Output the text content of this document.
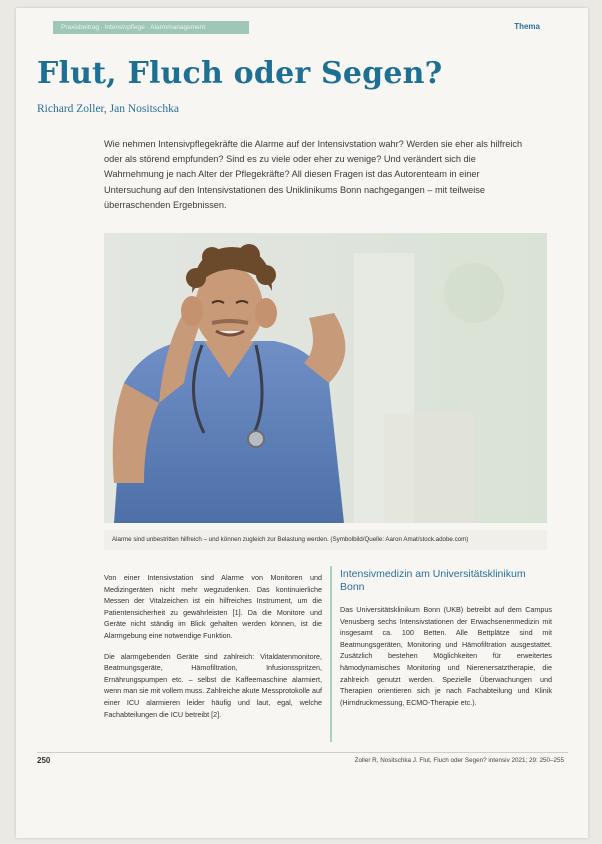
Praxisbeitrag · Intensivpflege · Alarmmanagement	Thema
Flut, Fluch oder Segen?
Richard Zoller, Jan Nositschka
Wie nehmen Intensivpflegekräfte die Alarme auf der Intensivstation wahr? Werden sie eher als hilfreich oder als störend empfunden? Sind es zu viele oder eher zu wenige? Und verändert sich die Wahrnehmung je nach Alter der Pflegekräfte? All diesen Fragen ist das Autorenteam in einer Untersuchung auf den Intensivstationen des Uniklinikums Bonn nachgegangen – mit teilweise überraschenden Ergebnissen.
Alarme sind unbestritten hilfreich – und können zugleich zur Belastung werden. (Symbolbild/Quelle: Aaron Amat/stock.adobe.com)

Von einer Intensivstation sind Alarme von Monitoren und Medizingeräten nicht mehr wegzudenken. Das kontinuierliche Messen der Vitalzeichen ist ein hilfreiches Instrument, um die Patientensicherheit zu gewährleisten [1]. Da die Monitore und Geräte nicht ständig im Blick gehalten werden können, ist die Alarmgebung eine notwendige Funktion.

Die alarmgebenden Geräte sind zahlreich: Vitaldatenmonitore, Beatmungsgeräte, Hämofiltration, Infusionsspritzen, Ernährungspumpen etc. – selbst die Kaffeemaschine alarmiert, wenn man sie mit vollem muss. Zahlreiche akute Messprotokolle auf einer ICU alarmieren leider häufig und laut, egal, welche Fachabteilungen die ICU betreibt [2].

Intensivmedizin am Universitätsklinikum Bonn

Das Universitätsklinikum Bonn (UKB) betreibt auf dem Campus Venusberg sechs Intensivstationen der Erwachsenenmedizin mit insgesamt ca. 100 Betten. Alle Bettplätze sind mit Beatmungsgeräten, Monitoring und Hämofiltration ausgestattet. Zusätzlich bestehen Möglichkeiten für erweitertes hämodynamisches Monitoring und Nierenersatztherapie, die zahlreich genutzt werden. Spezielle Überwachungen und Therapien orientieren sich je nach Fachabteilung und Klinik (Hirndruckmessung, ECMO-Therapie etc.).

250	Zoller R, Nositschka J. Flut, Fluch oder Segen? intensiv 2021; 29: 250–255
